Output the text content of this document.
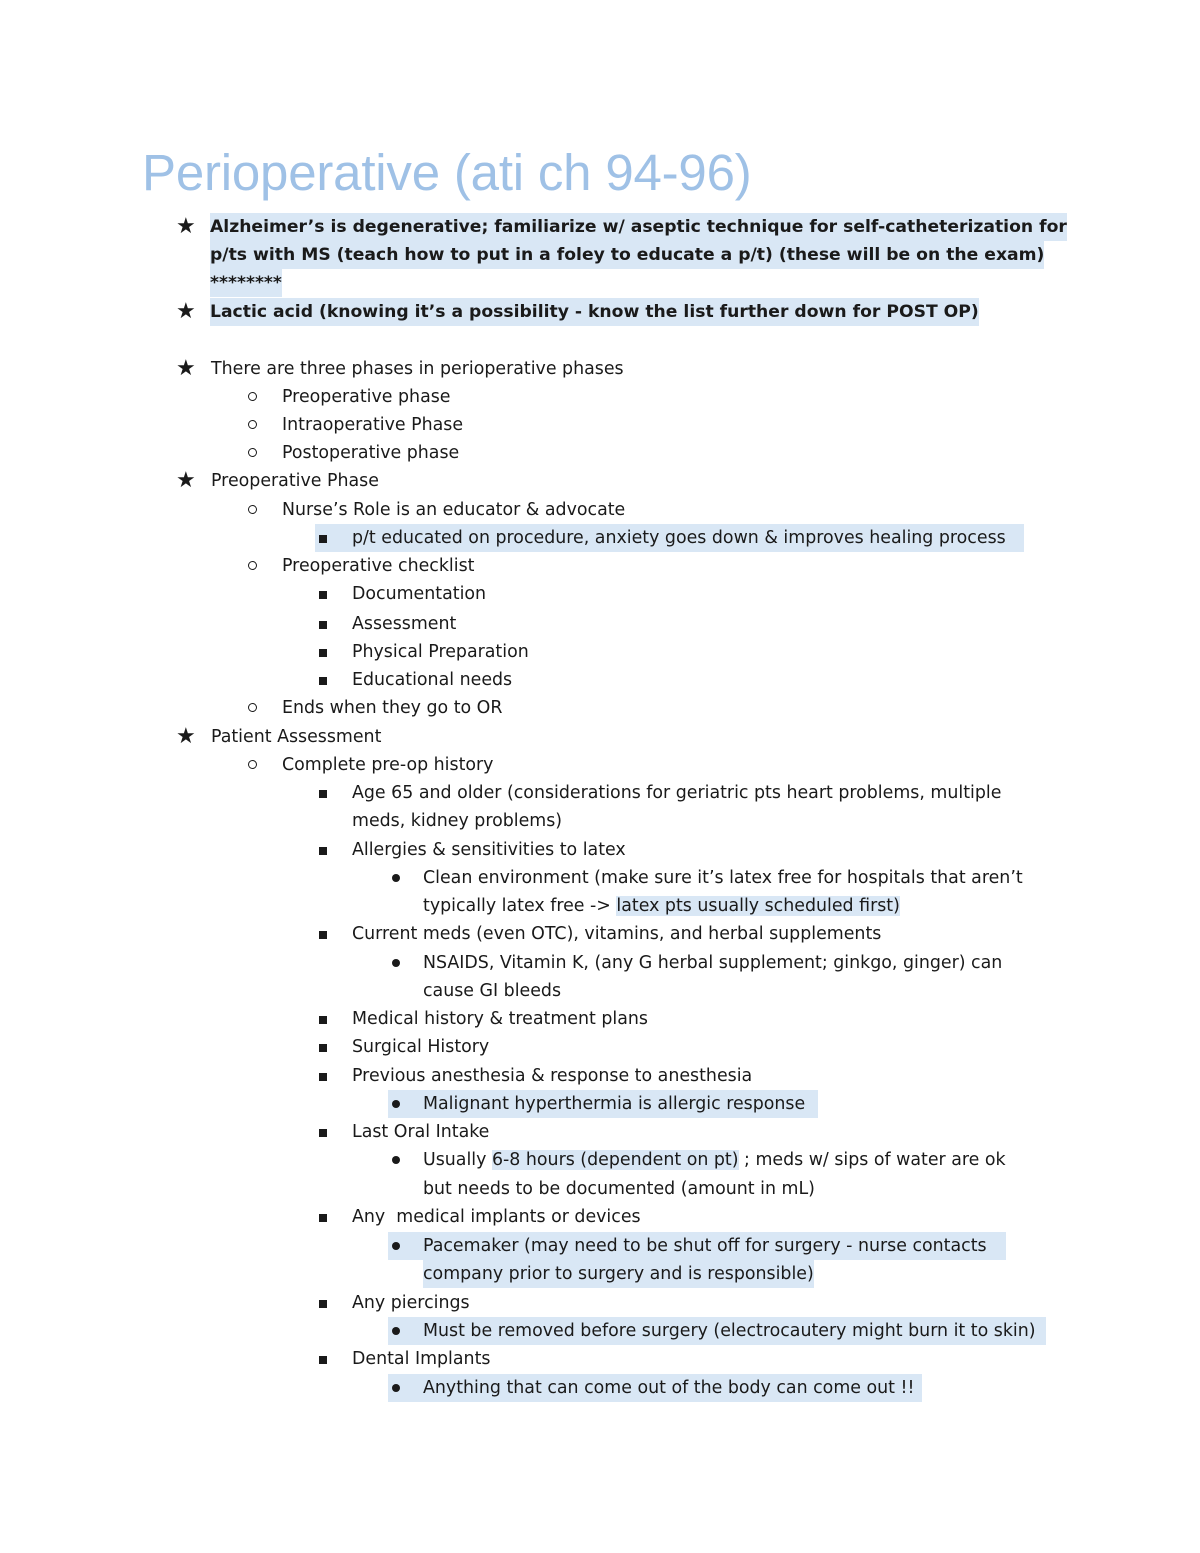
Perioperative (ati ch 94-96)
★ Alzheimer’s is degenerative; familiarize w/ aseptic technique for self-catheterization for
p/ts with MS (teach how to put in a foley to educate a p/t) (these will be on the exam)
********
★ Lactic acid (knowing it’s a possibility - know the list further down for POST OP)
★ There are three phases in perioperative phases
Preoperative phase
Intraoperative Phase
Postoperative phase
★ Preoperative Phase
Nurse’s Role is an educator & advocate
p/t educated on procedure, anxiety goes down & improves healing process
Preoperative checklist
Documentation
Assessment
Physical Preparation
Educational needs
Ends when they go to OR
★ Patient Assessment
Complete pre-op history
Age 65 and older (considerations for geriatric pts heart problems, multiple
meds, kidney problems)
Allergies & sensitivities to latex
Clean environment (make sure it’s latex free for hospitals that aren’t
typically latex free -> latex pts usually scheduled first)
Current meds (even OTC), vitamins, and herbal supplements
NSAIDS, Vitamin K, (any G herbal supplement; ginkgo, ginger) can
cause GI bleeds
Medical history & treatment plans
Surgical History
Previous anesthesia & response to anesthesia
Malignant hyperthermia is allergic response
Last Oral Intake
Usually 6-8 hours (dependent on pt) ; meds w/ sips of water are ok
but needs to be documented (amount in mL)
Any  medical implants or devices
Pacemaker (may need to be shut off for surgery - nurse contacts
company prior to surgery and is responsible)
Any piercings
Must be removed before surgery (electrocautery might burn it to skin)
Dental Implants
Anything that can come out of the body can come out !!
